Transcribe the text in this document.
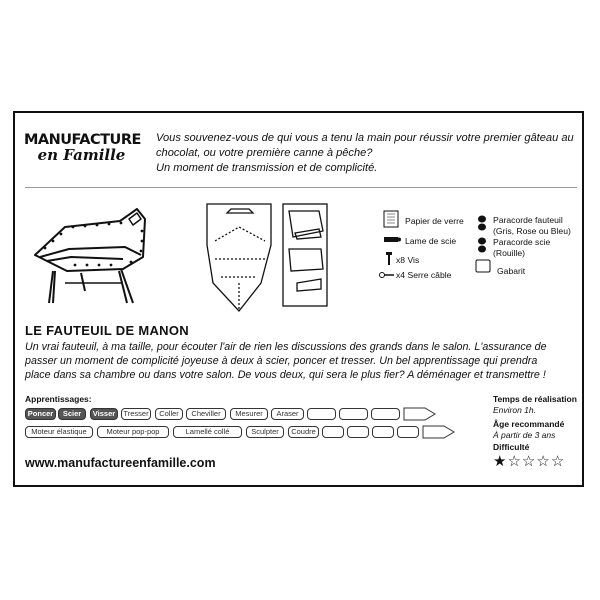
MANUFACTURE
en Famille
Vous souvenez-vous de qui vous a tenu la main pour réussir votre premier gâteau au
chocolat, ou votre première canne à pêche?
Un moment de transmission et de complicité.
Papier de verre
Lame de scie
x8 Vis
x4 Serre câble
Paracorde fauteuil
(Gris, Rose ou Bleu)
Paracorde scie
(Rouille)
Gabarit
LE FAUTEUIL DE MANON
Un vrai fauteuil, à ma taille, pour écouter l'air de rien les discussions des grands dans le salon. L'assurance de
passer un moment de complicité joyeuse à deux à scier, poncer et tresser. Un bel apprentissage qui prendra
place dans sa chambre ou dans votre salon. De vous deux, qui sera le plus fier? A déménager et transmettre !
Apprentissages:
Poncer	Scier	Visser	Tresser	Coller	Cheviller	Mesurer	Araser
Moteur élastique	Moteur pop-pop	Lamellé collé	Sculpter	Coudre
www.manufactureenfamille.com
Temps de réalisation
Environ 1h.
Âge recommandé
À partir de 3 ans
Difficulté
★☆☆☆☆
